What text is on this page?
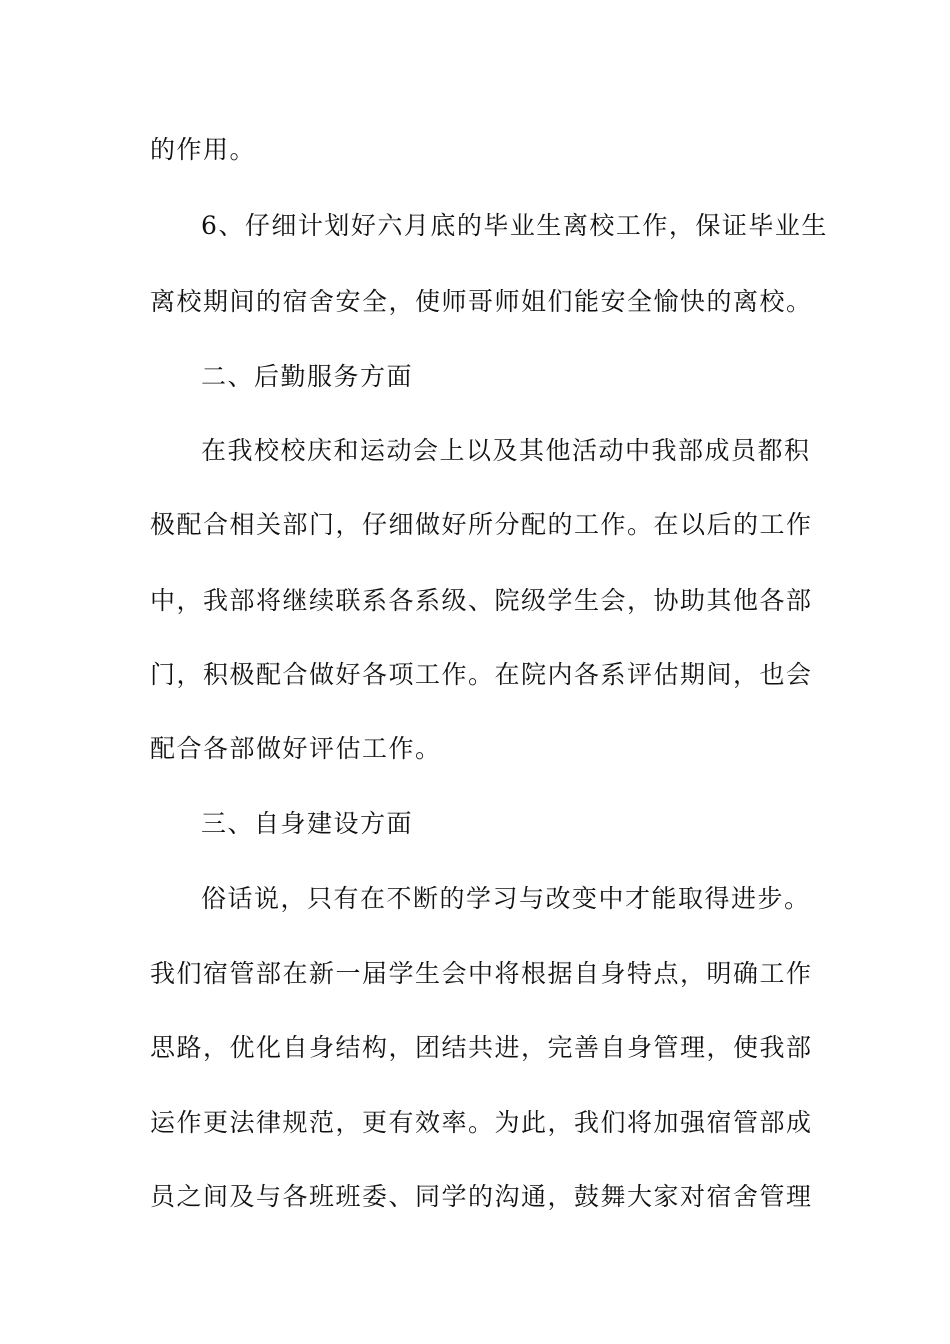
的作用。
6、仔细计划好六月底的毕业生离校工作，保证毕业生
离校期间的宿舍安全，使师哥师姐们能安全愉快的离校。
二、后勤服务方面
在我校校庆和运动会上以及其他活动中我部成员都积
极配合相关部门，仔细做好所分配的工作。在以后的工作
中，我部将继续联系各系级、院级学生会，协助其他各部
门，积极配合做好各项工作。在院内各系评估期间，也会
配合各部做好评估工作。
三、自身建设方面
俗话说，只有在不断的学习与改变中才能取得进步。
我们宿管部在新一届学生会中将根据自身特点，明确工作
思路，优化自身结构，团结共进，完善自身管理，使我部
运作更法律规范，更有效率。为此，我们将加强宿管部成
员之间及与各班班委、同学的沟通，鼓舞大家对宿舍管理
